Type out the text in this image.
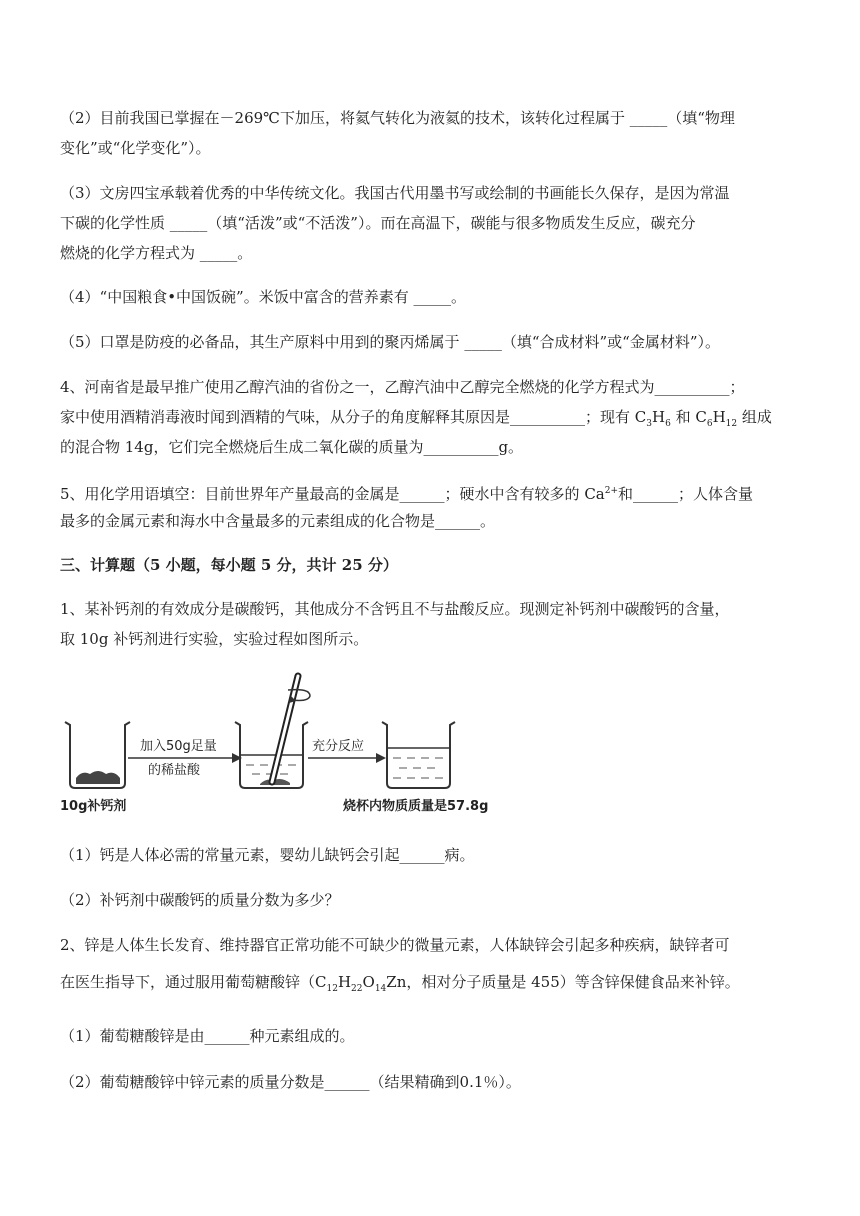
（2）目前我国已掌握在－269℃下加压，将氦气转化为液氦的技术，该转化过程属于 _____（填“物理
变化”或“化学变化”）。
（3）文房四宝承载着优秀的中华传统文化。我国古代用墨书写或绘制的书画能长久保存，是因为常温
下碳的化学性质 _____（填“活泼”或“不活泼”）。而在高温下，碳能与很多物质发生反应，碳充分
燃烧的化学方程式为 _____。
（4）“中国粮食•中国饭碗”。米饭中富含的营养素有 _____。
（5）口罩是防疫的必备品，其生产原料中用到的聚丙烯属于 _____（填“合成材料”或“金属材料”）。
4、河南省是最早推广使用乙醇汽油的省份之一，乙醇汽油中乙醇完全燃烧的化学方程式为__________；
家中使用酒精消毒液时闻到酒精的气味，从分子的角度解释其原因是__________；现有 $C_3H_6$ 和 $C_6H_{12}$ 组成
的混合物 14g，它们完全燃烧后生成二氧化碳的质量为__________g。
5、用化学用语填空：目前世界年产量最高的金属是______；硬水中含有较多的 $Ca^{2+}$和______；人体含量
最多的金属元素和海水中含量最多的元素组成的化合物是______。
三、计算题（5 小题，每小题 5 分，共计 25 分）
1、某补钙剂的有效成分是碳酸钙，其他成分不含钙且不与盐酸反应。现测定补钙剂中碳酸钙的含量，
取 10g 补钙剂进行实验，实验过程如图所示。
10g补钙剂
加入50g足量
的稀盐酸
充分反应
烧杯内物质质量是57.8g
（1）钙是人体必需的常量元素，婴幼儿缺钙会引起______病。
（2）补钙剂中碳酸钙的质量分数为多少？
2、锌是人体生长发育、维持器官正常功能不可缺少的微量元素，人体缺锌会引起多种疾病，缺锌者可
在医生指导下，通过服用葡萄糖酸锌（$C_{12}H_{22}O_{14}Zn$，相对分子质量是 455）等含锌保健食品来补锌。
（1）葡萄糖酸锌是由______种元素组成的。
（2）葡萄糖酸锌中锌元素的质量分数是______（结果精确到0.1％）。
